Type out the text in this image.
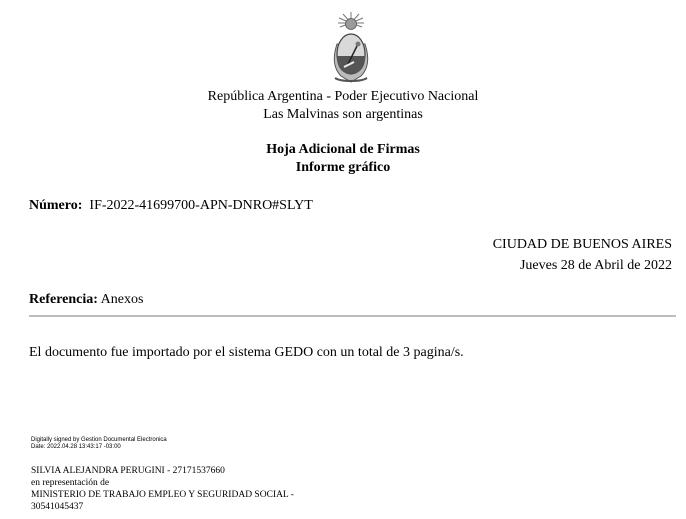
República Argentina - Poder Ejecutivo Nacional
Las Malvinas son argentinas
Hoja Adicional de Firmas
Informe gráfico
Número: IF-2022-41699700-APN-DNRO#SLYT
CIUDAD DE BUENOS AIRES
Jueves 28 de Abril de 2022
Referencia: Anexos
El documento fue importado por el sistema GEDO con un total de 3 pagina/s.
Digitally signed by Gestion Documental Electronica
Date: 2022.04.28 13:43:17 -03:00
SILVIA ALEJANDRA PERUGINI - 27171537660
en representación de
MINISTERIO DE TRABAJO EMPLEO Y SEGURIDAD SOCIAL -
30541045437
